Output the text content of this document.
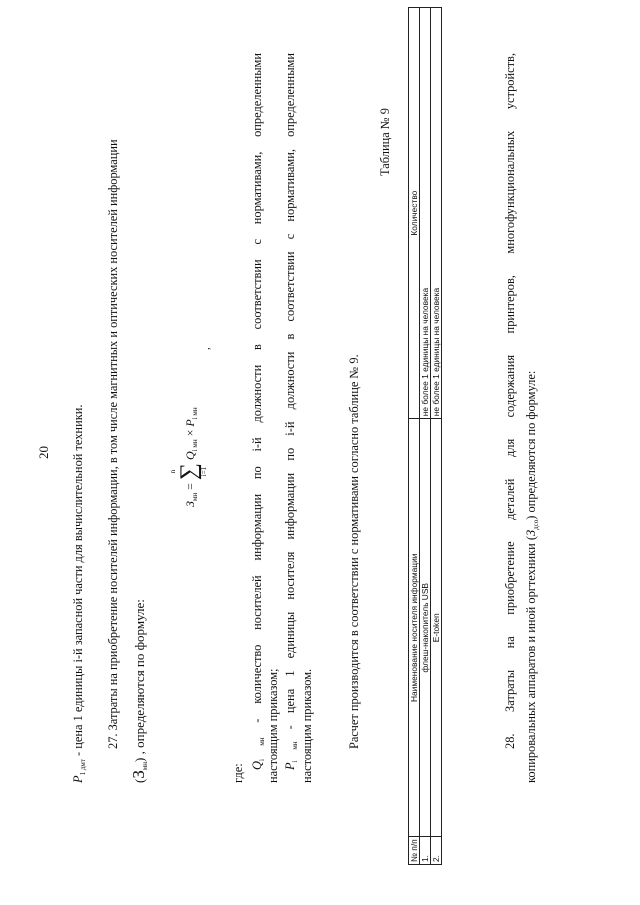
20
$P_{1 дмт}$ - цена 1 единицы i-й запасной части для вычислительной техники.	27. Затраты на приобретение носителей информации, в том числе магнитных и оптических носителей информации
$(З_{мн})$ , определяются по формуле:
$З_{мн}$ =
n ∑
i=1
$Q_{i мн} \times P_{i мн}$
,
где: $Q_{i мн}$ - количество носителей информации по i-й должности в соответствии с нормативами, определенными
настоящим приказом; $P_{i мн}$ - цена 1 единицы носителя информации по i-й должности в соответствии с нормативами, определенными настоящим приказом.	Расчет производится в соответствии с нормативами согласно таблице № 9.
Таблица № 9
№ п/п	Наименование носителя информации	Количество
1.	флеш-накопитель USB	не более 1 единицы на человека
2.	E-token	не более 1 единицы на человека	28. Затраты на приобретение деталей для содержания принтеров, многофункциональных устройств, копировальных аппаратов и иной оргтехники $(З_{дсо})$ определяются по формуле:
